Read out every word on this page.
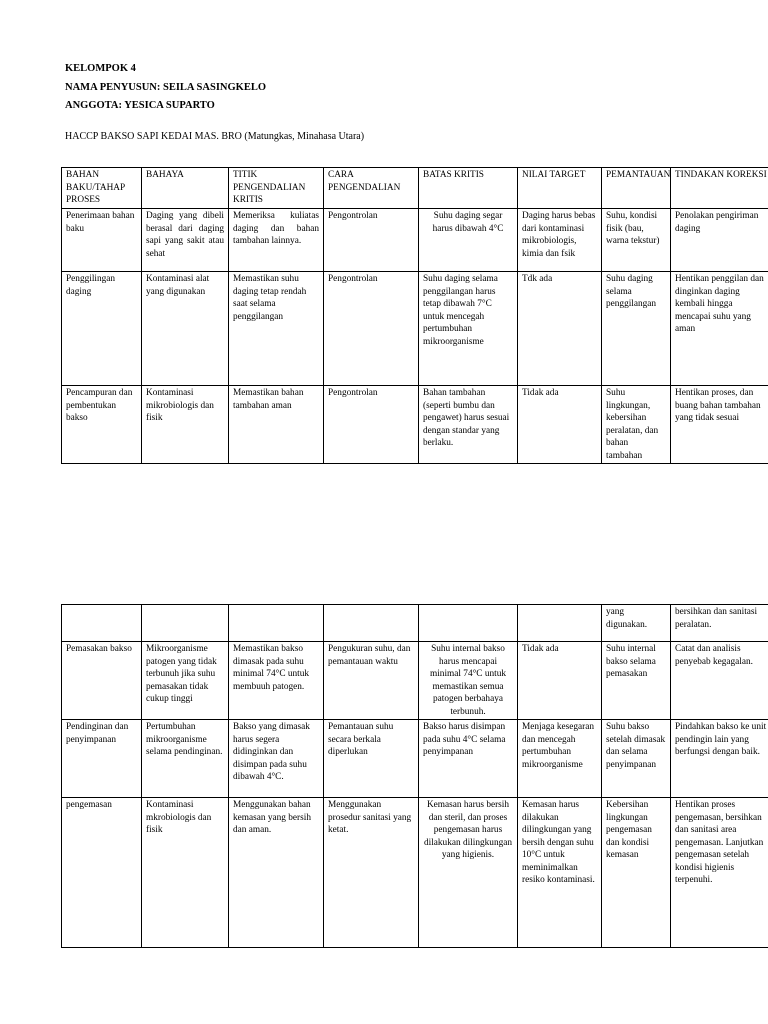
KELOMPOK 4
NAMA PENYUSUN: SEILA SASINGKELO
ANGGOTA: YESICA SUPARTO
HACCP BAKSO SAPI KEDAI MAS. BRO (Matungkas, Minahasa Utara)
BAHAN BAKU/TAHAP PROSES	BAHAYA	TITIK PENGENDALIAN KRITIS	CARA PENGENDALIAN	BATAS KRITIS	NILAI TARGET	PEMANTAUAN	TINDAKAN KOREKSI
Penerimaan bahan baku	Daging yang dibeli berasal dari daging sapi yang sakit atau sehat	Memeriksa kuliatas daging dan bahan tambahan lainnya.	Pengontrolan	Suhu daging segar harus dibawah 4°C	Daging harus bebas dari kontaminasi mikrobiologis, kimia dan fsik	Suhu, kondisi fisik (bau, warna tekstur)	Penolakan pengiriman daging
Penggilingan daging	Kontaminasi alat yang digunakan	Memastikan suhu daging tetap rendah saat selama penggilangan	Pengontrolan	Suhu daging selama penggilangan harus tetap dibawah 7°C untuk mencegah pertumbuhan mikroorganisme	Tdk ada	Suhu daging selama penggilangan	Hentikan penggilan dan dinginkan daging kembali hingga mencapai suhu yang aman
Pencampuran dan pembentukan bakso	Kontaminasi mikrobiologis dan fisik	Memastikan bahan tambahan aman	Pengontrolan	Bahan tambahan (seperti bumbu dan pengawet) harus sesuai dengan standar yang berlaku.	Tidak ada	Suhu lingkungan, kebersihan peralatan, dan bahan tambahan	Hentikan proses, dan buang bahan tambahan yang tidak sesuai
						yang digunakan.	bersihkan dan sanitasi peralatan.
Pemasakan bakso	Mikroorganisme patogen yang tidak terbunuh jika suhu pemasakan tidak cukup tinggi	Memastikan bakso dimasak pada suhu minimal 74°C untuk membuuh patogen.	Pengukuran suhu, dan pemantauan waktu	Suhu internal bakso harus mencapai minimal 74°C untuk memastikan semua patogen berbahaya terbunuh.	Tidak ada	Suhu internal bakso selama pemasakan	Catat dan analisis penyebab kegagalan.
Pendinginan dan penyimpanan	Pertumbuhan mikroorganisme selama pendinginan.	Bakso yang dimasak harus segera didinginkan dan disimpan pada suhu dibawah 4°C.	Pemantauan suhu secara berkala diperlukan	Bakso harus disimpan pada suhu 4°C selama penyimpanan	Menjaga kesegaran dan mencegah pertumbuhan mikroorganisme	Suhu bakso setelah dimasak dan selama penyimpanan	Pindahkan bakso ke unit pendingin lain yang berfungsi dengan baik.
pengemasan	Kontaminasi mkrobiologis dan fisik	Menggunakan bahan kemasan yang bersih dan aman.	Menggunakan prosedur sanitasi yang ketat.	Kemasan harus bersih dan steril, dan proses pengemasan harus dilakukan dilingkungan yang higienis.	Kemasan harus dilakukan dilingkungan yang bersih dengan suhu 10°C untuk meminimalkan resiko kontaminasi.	Kebersihan lingkungan pengemasan dan kondisi kemasan	Hentikan proses pengemasan, bersihkan dan sanitasi area pengemasan. Lanjutkan pengemasan setelah kondisi higienis terpenuhi.
